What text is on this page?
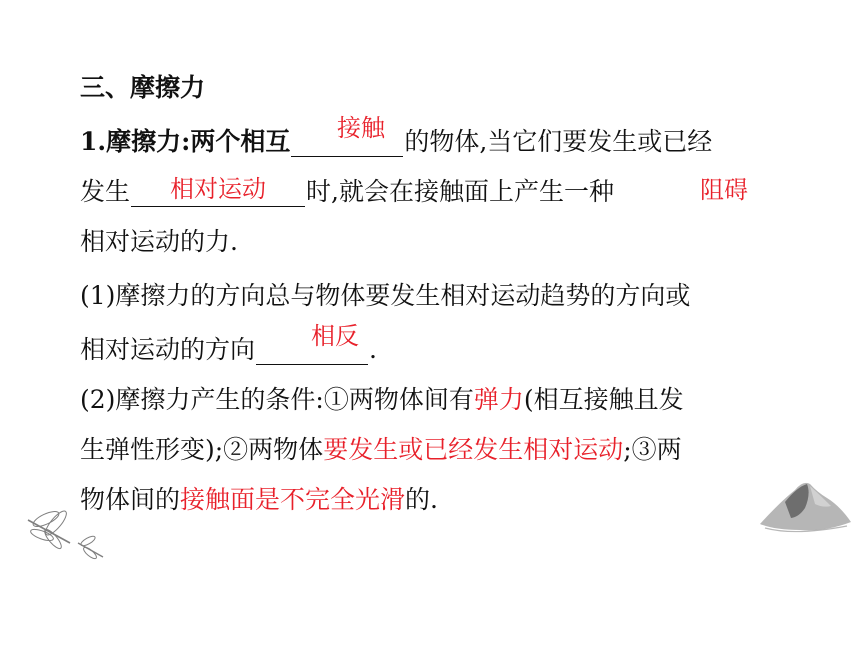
三、摩擦力
1.摩擦力:两个相互	的物体,当它们要发生或已经
发生	时,就会在接触面上产生一种
相对运动的力.
接触
相对运动	阻碍
(1)摩擦力的方向总与物体要发生相对运动趋势的方向或
相对运动的方向	.
相反
(2)摩擦力产生的条件:①两物体间有弹力(相互接触且发
生弹性形变);②两物体要发生或已经发生相对运动;③两
物体间的接触面是不完全光滑的.
